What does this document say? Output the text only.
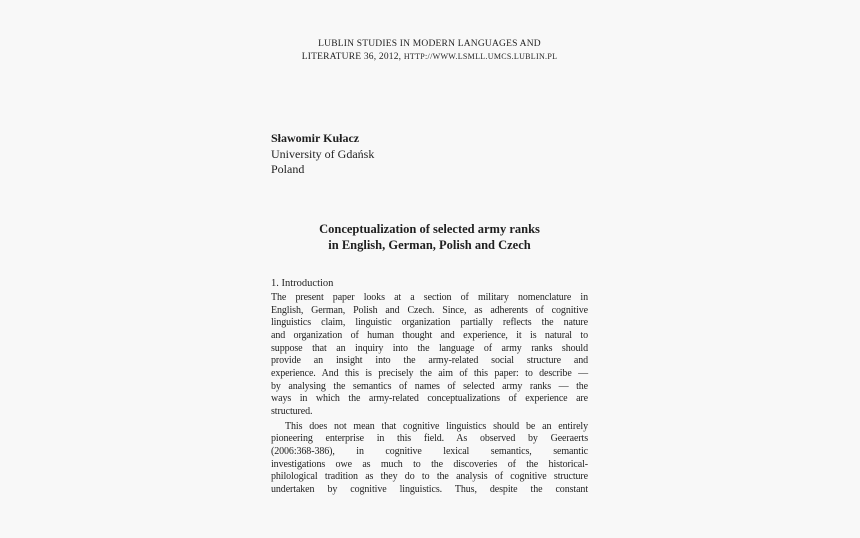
LUBLIN STUDIES IN MODERN LANGUAGES AND
LITERATURE 36, 2012, HTTP://WWW.LSMLL.UMCS.LUBLIN.PL
Sławomir Kułacz
University of Gdańsk
Poland
Conceptualization of selected army ranks
in English, German, Polish and Czech
1. Introduction
The present paper looks at a section of military nomenclature in
English, German, Polish and Czech. Since, as adherents of cognitive
linguistics claim, linguistic organization partially reflects the nature
and organization of human thought and experience, it is natural to
suppose that an inquiry into the language of army ranks should
provide an insight into the army-related social structure and
experience. And this is precisely the aim of this paper: to describe —
by analysing the semantics of names of selected army ranks — the
ways in which the army-related conceptualizations of experience are
structured.
This does not mean that cognitive linguistics should be an entirely
pioneering enterprise in this field. As observed by Geeraerts
(2006:368-386), in cognitive lexical semantics, semantic
investigations owe as much to the discoveries of the historical-
philological tradition as they do to the analysis of cognitive structure
undertaken by cognitive linguistics. Thus, despite the constant
